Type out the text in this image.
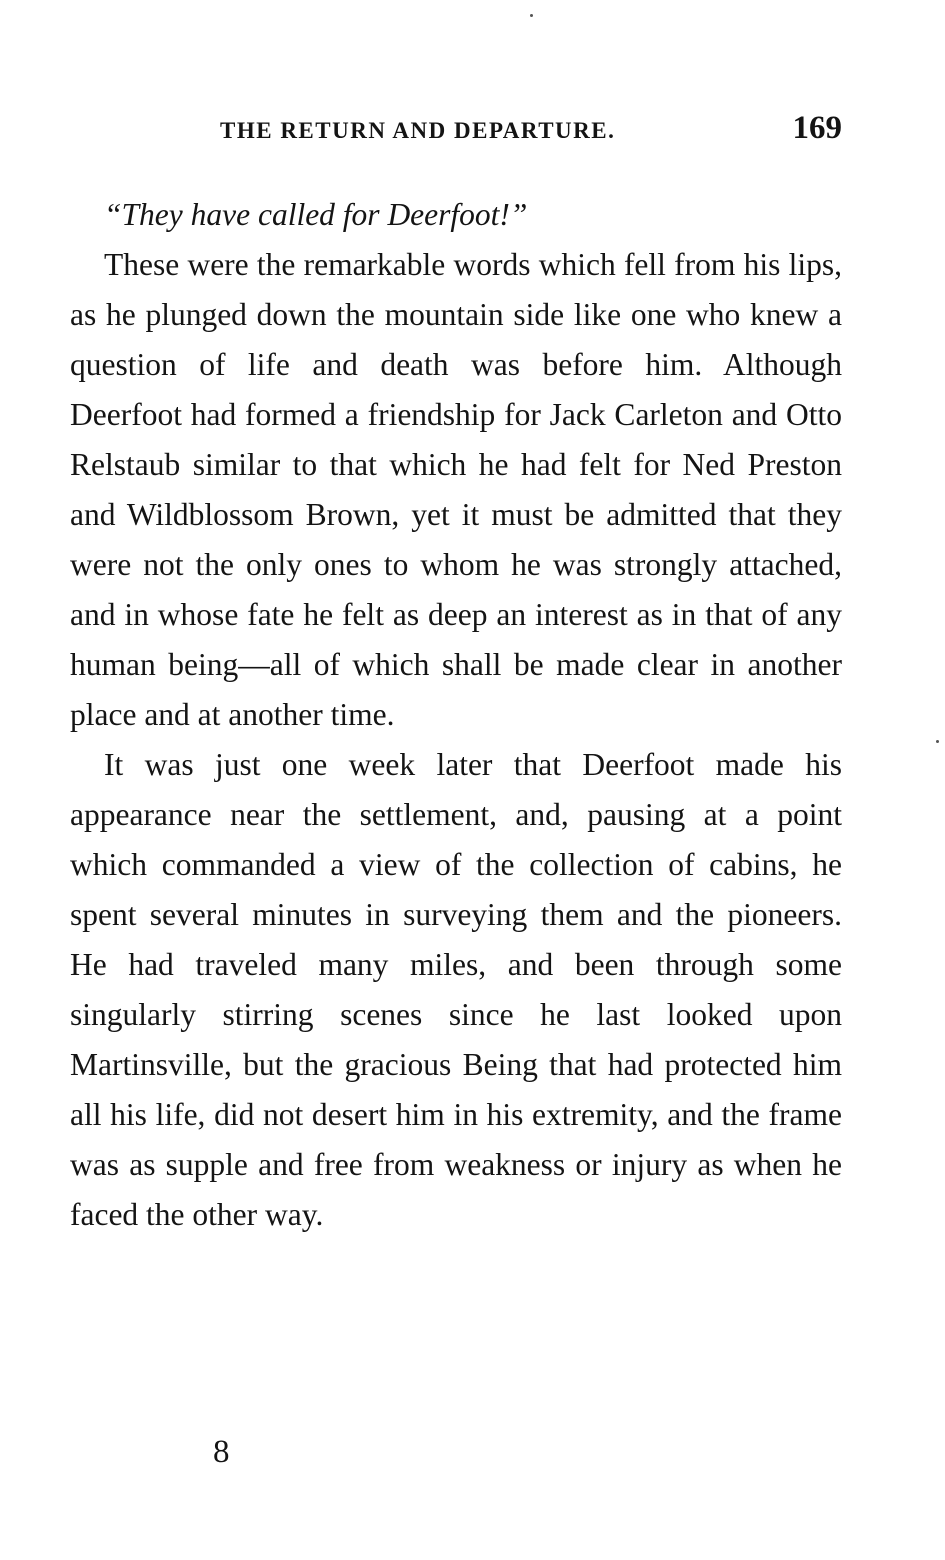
THE RETURN AND DEPARTURE.	169

“They have called for Deerfoot!”

These were the remarkable words which fell from his lips, as he plunged down the mountain side like one who knew a question of life and death was before him. Although Deerfoot had formed a friendship for Jack Carleton and Otto Relstaub similar to that which he had felt for Ned Preston and Wildblossom Brown, yet it must be admitted that they were not the only ones to whom he was strongly attached, and in whose fate he felt as deep an interest as in that of any human being—all of which shall be made clear in another place and at another time.

It was just one week later that Deerfoot made his appearance near the settlement, and, pausing at a point which commanded a view of the collection of cabins, he spent several minutes in surveying them and the pioneers. He had traveled many miles, and been through some singularly stirring scenes since he last looked upon Martinsville, but the gracious Being that had protected him all his life, did not desert him in his extremity, and the frame was as supple and free from weakness or injury as when he faced the other way.

8
